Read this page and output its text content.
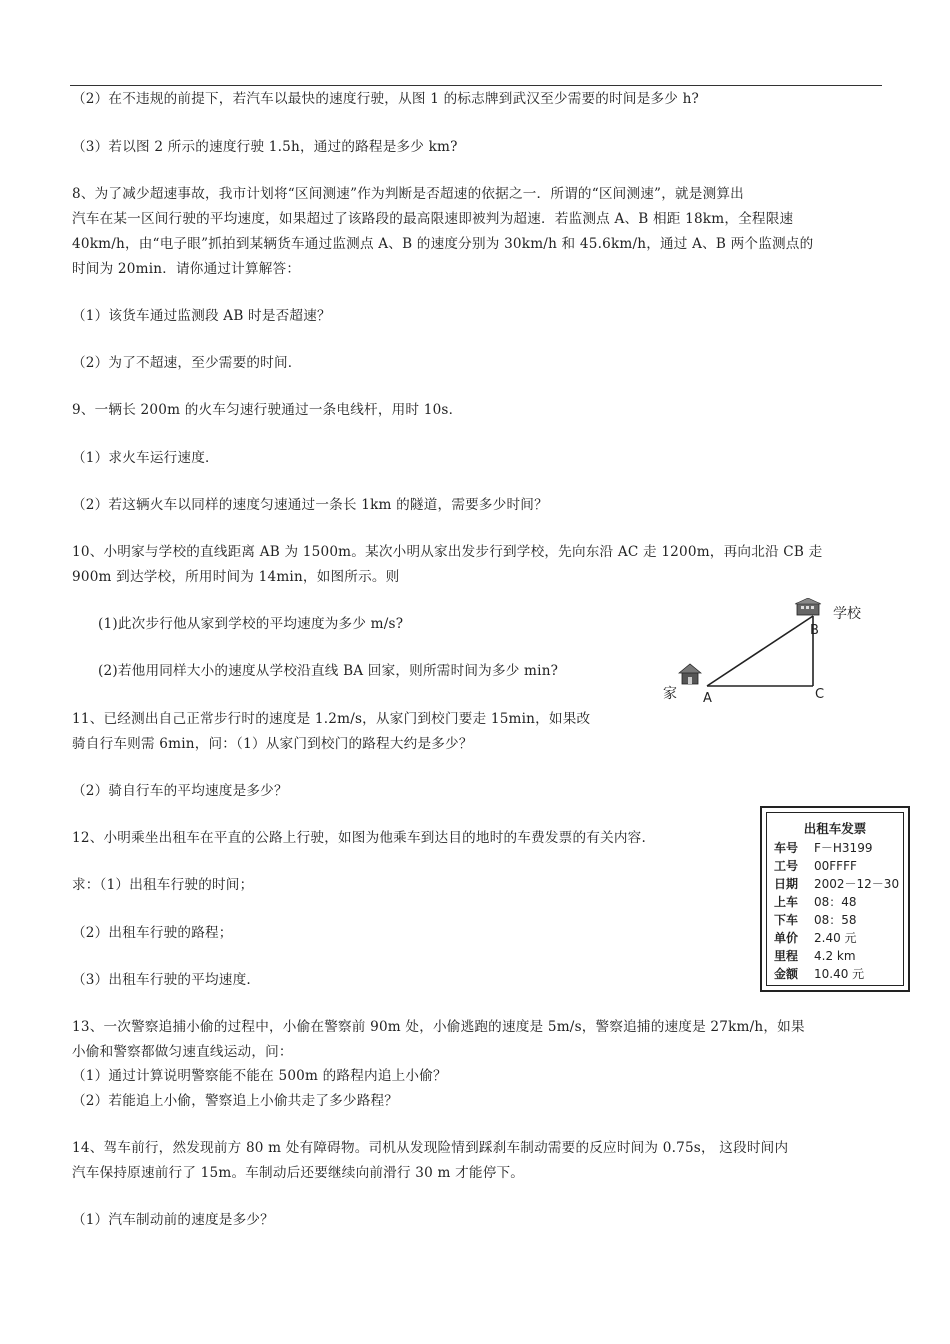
（2）在不违规的前提下，若汽车以最快的速度行驶，从图 1 的标志牌到武汉至少需要的时间是多少 h?
（3）若以图 2 所示的速度行驶 1.5h，通过的路程是多少 km?
8、为了减少超速事故，我市计划将“区间测速”作为判断是否超速的依据之一．所谓的“区间测速”，就是测算出
汽车在某一区间行驶的平均速度，如果超过了该路段的最高限速即被判为超速．若监测点 A、B 相距 18km，全程限速
40km/h，由“电子眼”抓拍到某辆货车通过监测点 A、B 的速度分别为 30km/h 和 45.6km/h，通过 A、B 两个监测点的
时间为 20min．请你通过计算解答：
（1）该货车通过监测段 AB 时是否超速？
（2）为了不超速，至少需要的时间．
9、一辆长 200m 的火车匀速行驶通过一条电线杆，用时 10s．
（1）求火车运行速度．
（2）若这辆火车以同样的速度匀速通过一条长 1km 的隧道，需要多少时间？
10、小明家与学校的直线距离 AB 为 1500m。某次小明从家出发步行到学校，先向东沿 AC 走 1200m，再向北沿 CB 走
900m 到达学校，所用时间为 14min，如图所示。则
(1)此次步行他从家到学校的平均速度为多少 m/s?
(2)若他用同样大小的速度从学校沿直线 BA 回家，则所需时间为多少 min?
学校
B
家 A	C
11、已经测出自己正常步行时的速度是 1.2m/s，从家门到校门要走 15min，如果改
骑自行车则需 6min，问：（1）从家门到校门的路程大约是多少？
（2）骑自行车的平均速度是多少？
12、小明乘坐出租车在平直的公路上行驶，如图为他乘车到达目的地时的车费发票的有关内容.
求：（1）出租车行驶的时间；
（2）出租车行驶的路程；
（3）出租车行驶的平均速度.
出租车发票
车号 F－H3199
工号 00FFFF
日期 2002－12－30
上车 08：48
下车 08：58
单价 2.40 元
里程 4.2 km
金额 10.40 元
13、一次警察追捕小偷的过程中，小偷在警察前 90m 处，小偷逃跑的速度是 5m/s，警察追捕的速度是 27km/h，如果
小偷和警察都做匀速直线运动，问：
（1）通过计算说明警察能不能在 500m 的路程内追上小偷？
（2）若能追上小偷，警察追上小偷共走了多少路程？
14、驾车前行，然发现前方 80 m 处有障碍物。司机从发现险情到踩刹车制动需要的反应时间为 0.75s， 这段时间内
汽车保持原速前行了 15m。车制动后还要继续向前滑行 30 m 才能停下。
（1）汽车制动前的速度是多少？
